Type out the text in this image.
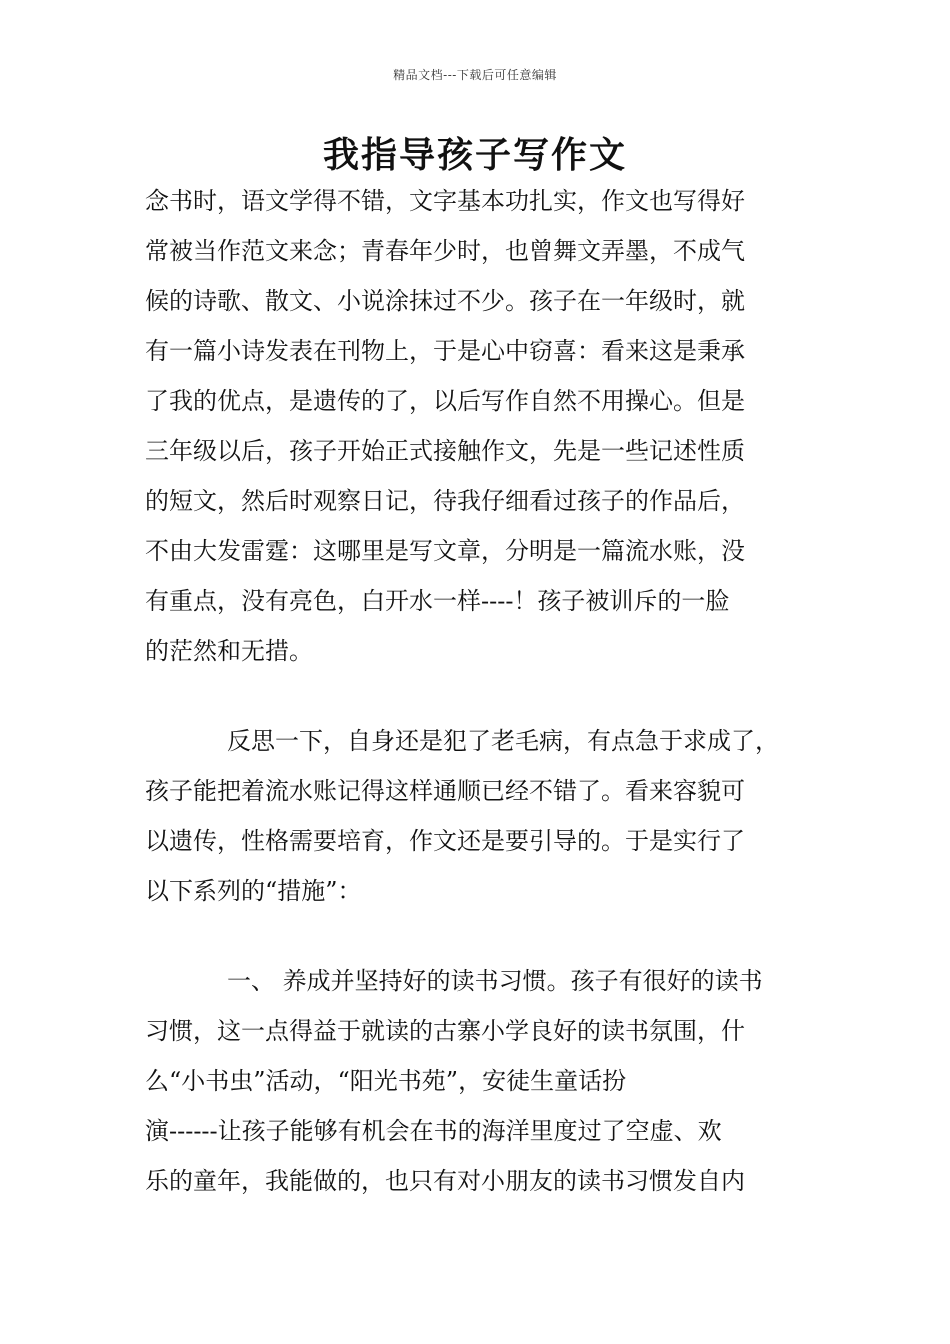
精品文档---下载后可任意编辑
我指导孩子写作文
念书时，语文学得不错，文字基本功扎实，作文也写得好
常被当作范文来念；青春年少时，也曾舞文弄墨，不成气
候的诗歌、散文、小说涂抹过不少。孩子在一年级时，就
有一篇小诗发表在刊物上，于是心中窃喜：看来这是秉承
了我的优点，是遗传的了，以后写作自然不用操心。但是
三年级以后，孩子开始正式接触作文，先是一些记述性质
的短文，然后时观察日记，待我仔细看过孩子的作品后，
不由大发雷霆：这哪里是写文章，分明是一篇流水账，没
有重点，没有亮色，白开水一样----！孩子被训斥的一脸
的茫然和无措。
反思一下，自身还是犯了老毛病，有点急于求成了，
孩子能把着流水账记得这样通顺已经不错了。看来容貌可
以遗传，性格需要培育，作文还是要引导的。于是实行了
以下系列的“措施”：
一、 养成并坚持好的读书习惯。孩子有很好的读书
习惯，这一点得益于就读的古寨小学良好的读书氛围，什
么“小书虫”活动，“阳光书苑”，安徒生童话扮
演------让孩子能够有机会在书的海洋里度过了空虚、欢
乐的童年，我能做的，也只有对小朋友的读书习惯发自内
